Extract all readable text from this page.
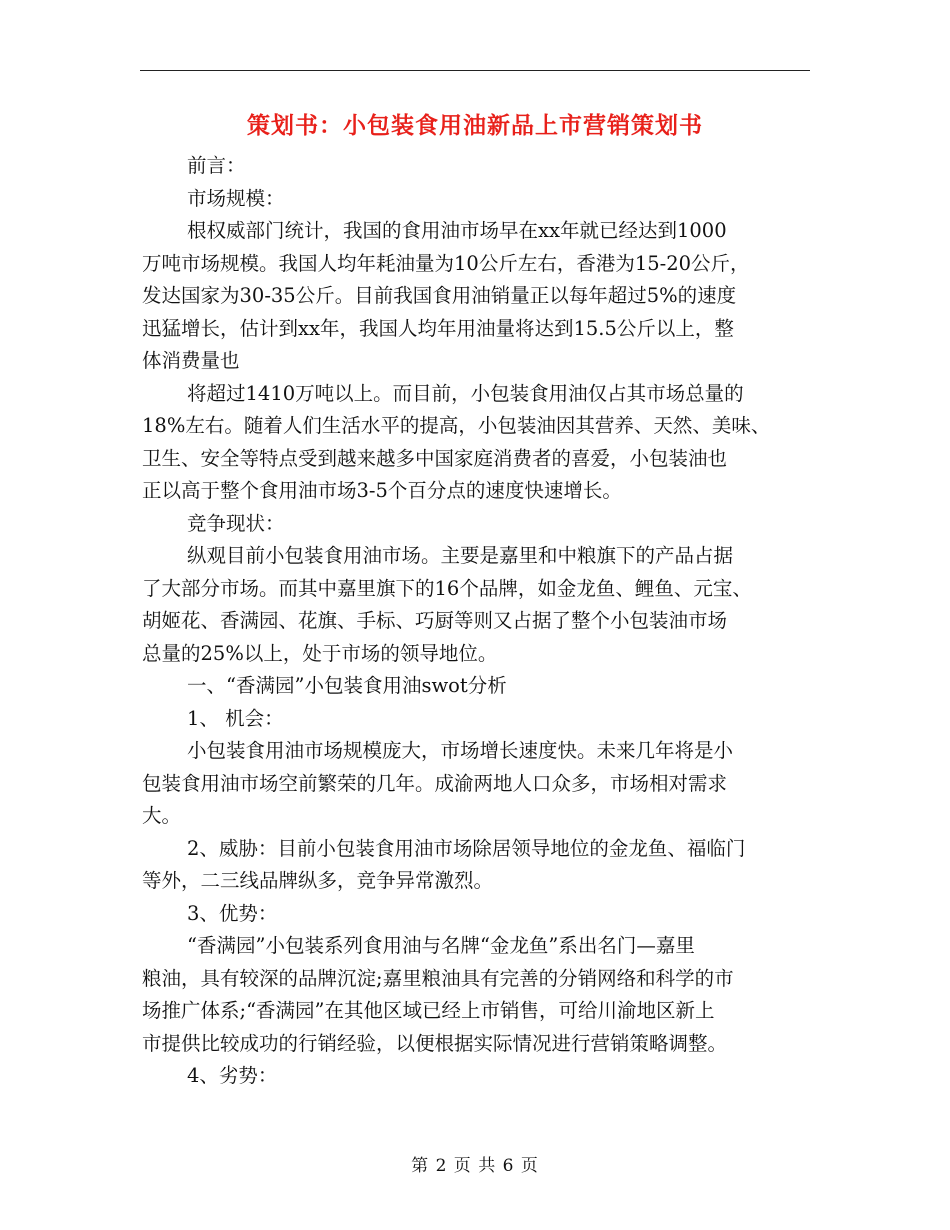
策划书：小包装食用油新品上市营销策划书
前言：
市场规模：
根权威部门统计，我国的食用油市场早在xx年就已经达到1000
万吨市场规模。我国人均年耗油量为10公斤左右，香港为15-20公斤，
发达国家为30-35公斤。目前我国食用油销量正以每年超过5%的速度
迅猛增长，估计到xx年，我国人均年用油量将达到15.5公斤以上，整
体消费量也
将超过1410万吨以上。而目前，小包装食用油仅占其市场总量的
18%左右。随着人们生活水平的提高，小包装油因其营养、天然、美味、
卫生、安全等特点受到越来越多中国家庭消费者的喜爱，小包装油也
正以高于整个食用油市场3-5个百分点的速度快速增长。
竞争现状：
纵观目前小包装食用油市场。主要是嘉里和中粮旗下的产品占据
了大部分市场。而其中嘉里旗下的16个品牌，如金龙鱼、鲤鱼、元宝、
胡姬花、香满园、花旗、手标、巧厨等则又占据了整个小包装油市场
总量的25%以上，处于市场的领导地位。
一、“香满园”小包装食用油swot分析
1、 机会：
小包装食用油市场规模庞大，市场增长速度快。未来几年将是小
包装食用油市场空前繁荣的几年。成渝两地人口众多，市场相对需求
大。
2、威胁：目前小包装食用油市场除居领导地位的金龙鱼、福临门
等外，二三线品牌纵多，竞争异常激烈。
3、优势：
“香满园”小包装系列食用油与名牌“金龙鱼”系出名门—嘉里
粮油，具有较深的品牌沉淀;嘉里粮油具有完善的分销网络和科学的市
场推广体系;“香满园”在其他区域已经上市销售，可给川渝地区新上
市提供比较成功的行销经验，以便根据实际情况进行营销策略调整。
4、劣势：
第 2 页 共 6 页
